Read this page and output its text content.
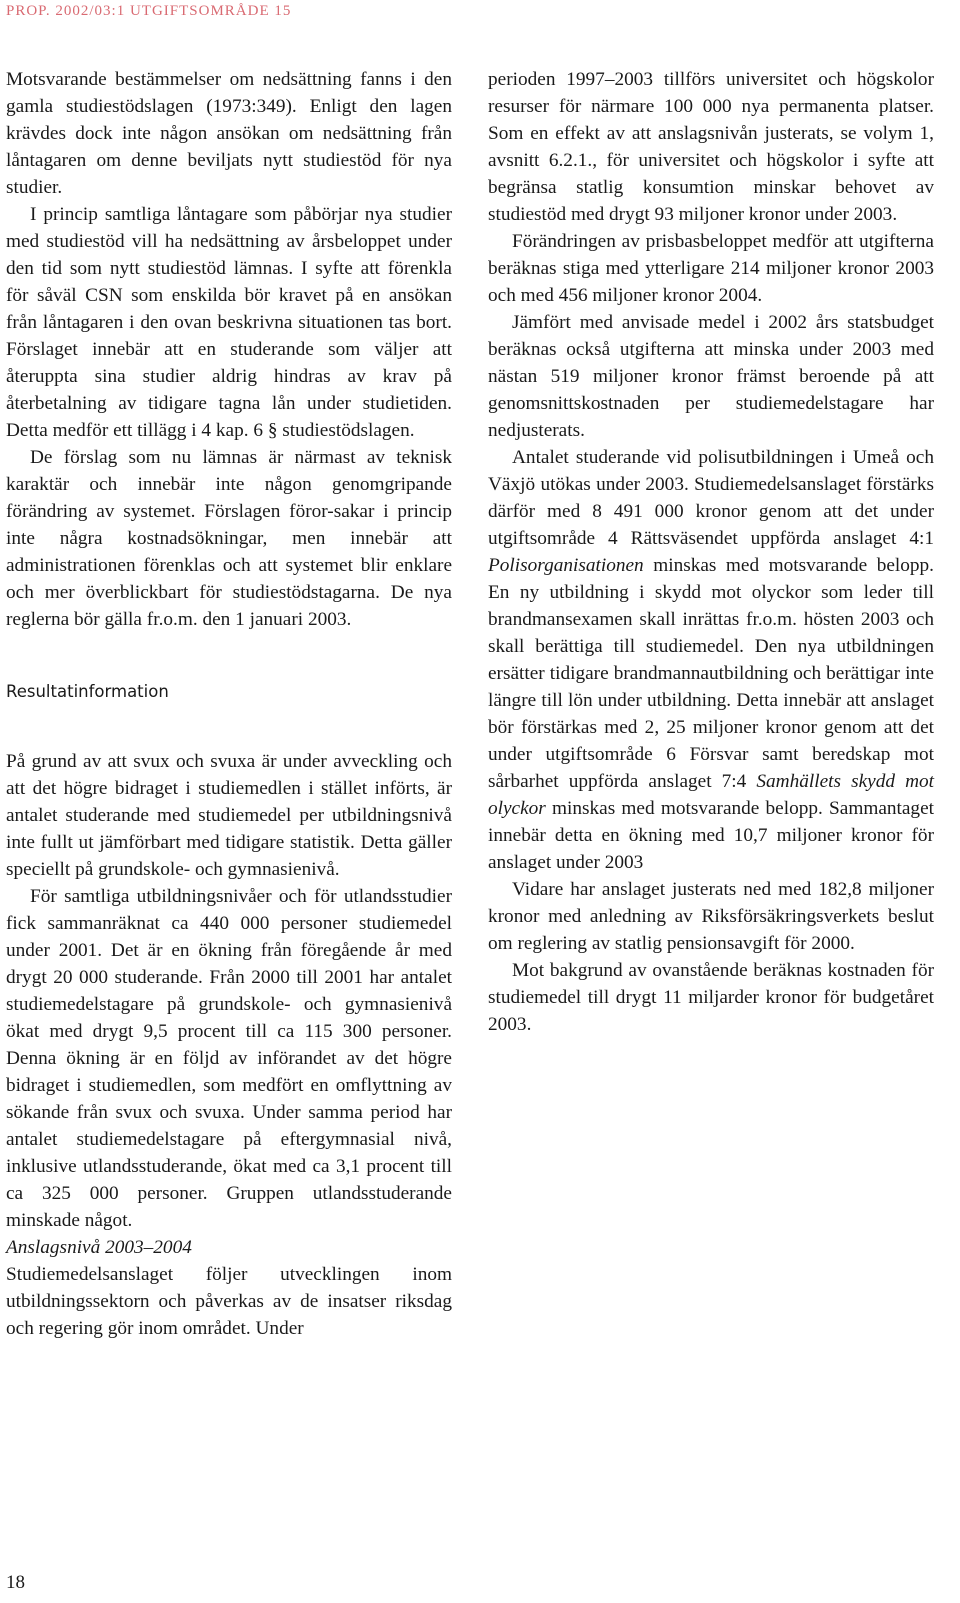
PROP. 2002/03:1 UTGIFTSOMRÅDE 15

Motsvarande bestämmelser om nedsättning fanns i den gamla studiestödslagen (1973:349). Enligt den lagen krävdes dock inte någon ansökan om nedsättning från låntagaren om denne beviljats nytt studiestöd för nya studier.

I princip samtliga låntagare som påbörjar nya studier med studiestöd vill ha nedsättning av årsbeloppet under den tid som nytt studiestöd lämnas. I syfte att förenkla för såväl CSN som enskilda bör kravet på en ansökan från låntagaren i den ovan beskrivna situationen tas bort. Förslaget innebär att en studerande som väljer att återuppta sina studier aldrig hindras av krav på återbetalning av tidigare tagna lån under studietiden. Detta medför ett tillägg i 4 kap. 6 § studiestödslagen.

De förslag som nu lämnas är närmast av teknisk karaktär och innebär inte någon genomgripande förändring av systemet. Förslagen föror-sakar i princip inte några kostnadsökningar, men innebär att administrationen förenklas och att systemet blir enklare och mer överblickbart för studiestödstagarna. De nya reglerna bör gälla fr.o.m. den 1 januari 2003.

Resultatinformation

På grund av att svux och svuxa är under avveckling och att det högre bidraget i studiemedlen i stället införts, är antalet studerande med studiemedel per utbildningsnivå inte fullt ut jämförbart med tidigare statistik. Detta gäller speciellt på grundskole- och gymnasienivå.

För samtliga utbildningsnivåer och för utlandsstudier fick sammanräknat ca 440 000 personer studiemedel under 2001. Det är en ökning från föregående år med drygt 20 000 studerande. Från 2000 till 2001 har antalet studiemedelstagare på grundskole- och gymnasienivå ökat med drygt 9,5 procent till ca 115 300 personer. Denna ökning är en följd av införandet av det högre bidraget i studiemedlen, som medfört en omflyttning av sökande från svux och svuxa. Under samma period har antalet studiemedelstagare på eftergymnasial nivå, inklusive utlandsstuderande, ökat med ca 3,1 procent till ca 325 000 personer. Gruppen utlandsstuderande minskade något.

Anslagsnivå 2003–2004

Studiemedelsanslaget följer utvecklingen inom utbildningssektorn och påverkas av de insatser riksdag och regering gör inom området. Under

perioden 1997–2003 tillförs universitet och högskolor resurser för närmare 100 000 nya permanenta platser. Som en effekt av att anslagsnivån justerats, se volym 1, avsnitt 6.2.1., för universitet och högskolor i syfte att begränsa statlig konsumtion minskar behovet av studiestöd med drygt 93 miljoner kronor under 2003.

Förändringen av prisbasbeloppet medför att utgifterna beräknas stiga med ytterligare 214 miljoner kronor 2003 och med 456 miljoner kronor 2004.

Jämfört med anvisade medel i 2002 års statsbudget beräknas också utgifterna att minska under 2003 med nästan 519 miljoner kronor främst beroende på att genomsnittskostnaden per studiemedelstagare har nedjusterats.

Antalet studerande vid polisutbildningen i Umeå och Växjö utökas under 2003. Studiemedelsanslaget förstärks därför med 8 491 000 kronor genom att det under utgiftsområde 4 Rättsväsendet uppförda anslaget 4:1 Polisorganisationen minskas med motsvarande belopp. En ny utbildning i skydd mot olyckor som leder till brandmansexamen skall inrättas fr.o.m. hösten 2003 och skall berättiga till studiemedel. Den nya utbildningen ersätter tidigare brandmannautbildning och berättigar inte längre till lön under utbildning. Detta innebär att anslaget bör förstärkas med 2, 25 miljoner kronor genom att det under utgiftsområde 6 Försvar samt beredskap mot sårbarhet uppförda anslaget 7:4 Samhällets skydd mot olyckor minskas med motsvarande belopp. Sammantaget innebär detta en ökning med 10,7 miljoner kronor för anslaget under 2003

Vidare har anslaget justerats ned med 182,8 miljoner kronor med anledning av Riksförsäkringsverkets beslut om reglering av statlig pensionsavgift för 2000.

Mot bakgrund av ovanstående beräknas kostnaden för studiemedel till drygt 11 miljarder kronor för budgetåret 2003.

18
